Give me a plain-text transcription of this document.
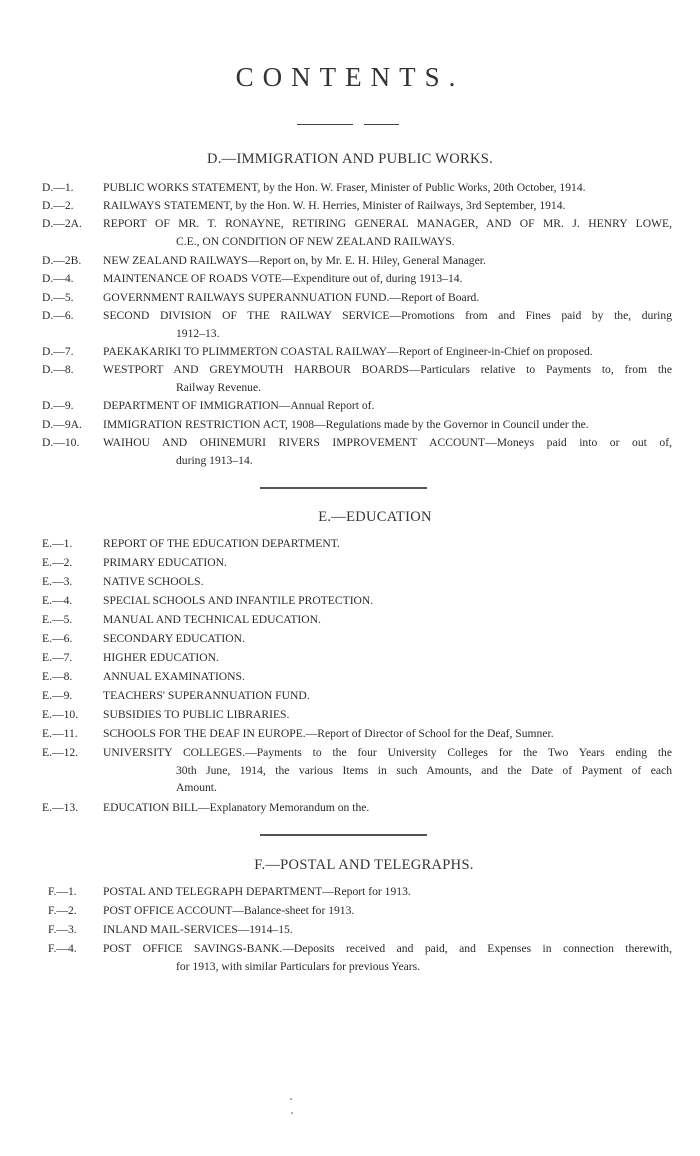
CONTENTS.
D.—IMMIGRATION AND PUBLIC WORKS.
D.—1.	PUBLIC WORKS STATEMENT, by the Hon. W. Fraser, Minister of Public Works, 20th October, 1914.
D.—2.	RAILWAYS STATEMENT, by the Hon. W. H. Herries, Minister of Railways, 3rd September, 1914.
D.—2A. REPORT OF MR. T. RONAYNE, RETIRING GENERAL MANAGER, AND OF MR. J. HENRY LOWE,
C.E., ON CONDITION OF NEW ZEALAND RAILWAYS.
D.—2B. NEW ZEALAND RAILWAYS—Report on, by Mr. E. H. Hiley, General Manager.
D.—4.	MAINTENANCE OF ROADS VOTE—Expenditure out of, during 1913–14.
D.—5.	GOVERNMENT RAILWAYS SUPERANNUATION FUND.—Report of Board.
D.—6.	SECOND DIVISION OF THE RAILWAY SERVICE—Promotions from and Fines paid by the, during
1912–13.
D.—7.	PAEKAKARIKI TO PLIMMERTON COASTAL RAILWAY—Report of Engineer-in-Chief on proposed.
D.—8.	WESTPORT AND GREYMOUTH HARBOUR BOARDS—Particulars relative to Payments to, from the
Railway Revenue.
D.—9.	DEPARTMENT OF IMMIGRATION—Annual Report of.
D.—9A. IMMIGRATION RESTRICTION ACT, 1908—Regulations made by the Governor in Council under the.
D.—10. WAIHOU AND OHINEMURI RIVERS IMPROVEMENT ACCOUNT—Moneys paid into or out of,
during 1913–14.
E.—EDUCATION
E.—1.	REPORT OF THE EDUCATION DEPARTMENT.
E.—2.	PRIMARY EDUCATION.
E.—3.	NATIVE SCHOOLS.
E.—4.	SPECIAL SCHOOLS AND INFANTILE PROTECTION.
E.—5.	MANUAL AND TECHNICAL EDUCATION.
E.—6.	SECONDARY EDUCATION.
E.—7.	HIGHER EDUCATION.
E.—8.	ANNUAL EXAMINATIONS.
E.—9.	TEACHERS' SUPERANNUATION FUND.
E.—10. SUBSIDIES TO PUBLIC LIBRARIES.
E.—11. SCHOOLS FOR THE DEAF IN EUROPE.—Report of Director of School for the Deaf, Sumner.
E.—12. UNIVERSITY COLLEGES.—Payments to the four University Colleges for the Two Years ending the
30th June, 1914, the various Items in such Amounts, and the Date of Payment of each
Amount.
E.—13. EDUCATION BILL—Explanatory Memorandum on the.
F.—POSTAL AND TELEGRAPHS.
F.—1. POSTAL AND TELEGRAPH DEPARTMENT—Report for 1913.
F.—2. POST OFFICE ACCOUNT—Balance-sheet for 1913.
F.—3. INLAND MAIL-SERVICES—1914–15.
F.—4. POST OFFICE SAVINGS-BANK.—Deposits received and paid, and Expenses in connection therewith,
for 1913, with similar Particulars for previous Years.
